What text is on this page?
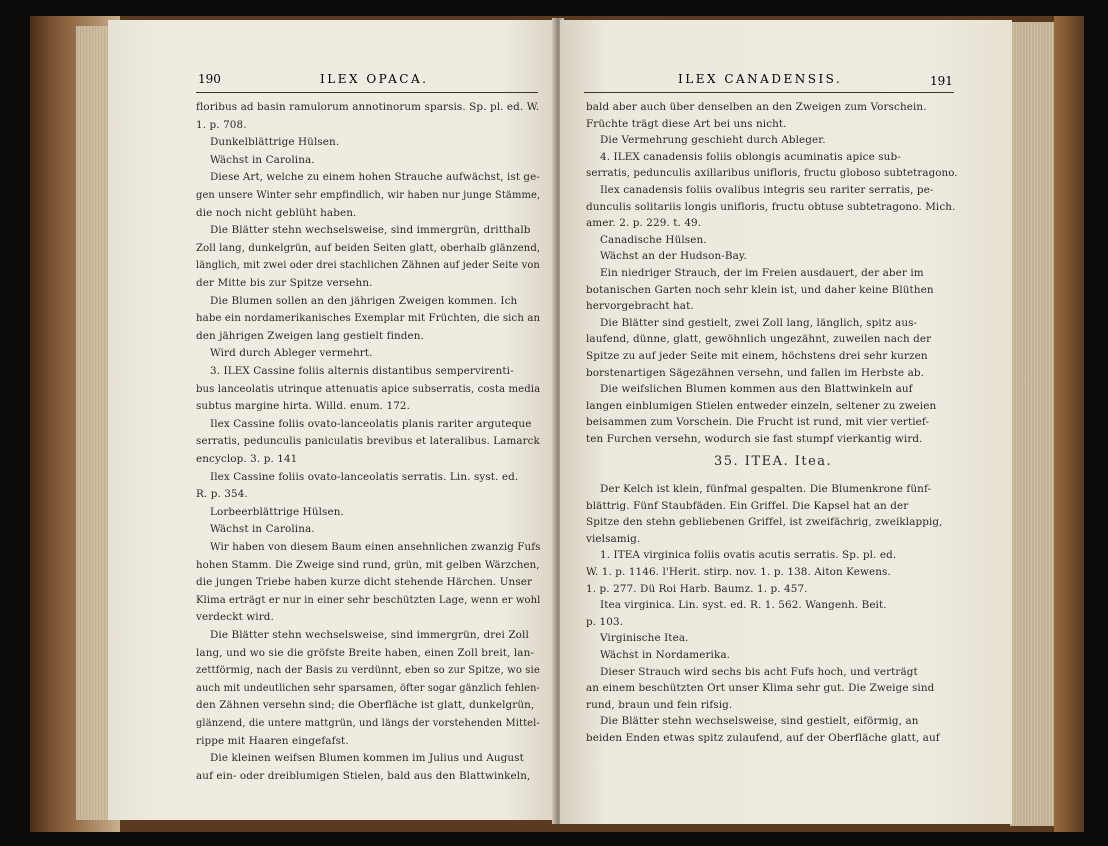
190	ILEX OPACA.
floribus ad basin ramulorum annotinorum sparsis. Sp. pl. ed. W.
1. p. 708.
Dunkelblättrige Hülsen.
Wächst in Carolina.
Diese Art, welche zu einem hohen Strauche aufwächst, ist ge-
gen unsere Winter sehr empfindlich, wir haben nur junge Stämme,
die noch nicht geblüht haben.
Die Blätter stehn wechselsweise, sind immergrün, dritthalb
Zoll lang, dunkelgrün, auf beiden Seiten glatt, oberhalb glänzend,
länglich, mit zwei oder drei stachlichen Zähnen auf jeder Seite von
der Mitte bis zur Spitze versehn.
Die Blumen sollen an den jährigen Zweigen kommen. Ich
habe ein nordamerikanisches Exemplar mit Früchten, die sich an
den jährigen Zweigen lang gestielt finden.
Wird durch Ableger vermehrt.
3. ILEX Cassine foliis alternis distantibus sempervirenti-
bus lanceolatis utrinque attenuatis apice subserratis, costa media
subtus margine hirta. Willd. enum. 172.
Ilex Cassine foliis ovato-lanceolatis planis rariter arguteque
serratis, pedunculis paniculatis brevibus et lateralibus. Lamarck
encyclop. 3. p. 141
Ilex Cassine foliis ovato-lanceolatis serratis. Lin. syst. ed.
R. p. 354.
Lorbeerblättrige Hülsen.
Wächst in Carolina.
Wir haben von diesem Baum einen ansehnlichen zwanzig Fufs
hohen Stamm. Die Zweige sind rund, grün, mit gelben Wärzchen,
die jungen Triebe haben kurze dicht stehende Härchen. Unser
Klima erträgt er nur in einer sehr beschützten Lage, wenn er wohl
verdeckt wird.
Die Blätter stehn wechselsweise, sind immergrün, drei Zoll
lang, und wo sie die gröfste Breite haben, einen Zoll breit, lan-
zettförmig, nach der Basis zu verdünnt, eben so zur Spitze, wo sie
auch mit undeutlichen sehr sparsamen, öfter sogar gänzlich fehlen-
den Zähnen versehn sind; die Oberfläche ist glatt, dunkelgrün,
glänzend, die untere mattgrün, und längs der vorstehenden Mittel-
rippe mit Haaren eingefafst.
Die kleinen weifsen Blumen kommen im Julius und August
auf ein- oder dreiblumigen Stielen, bald aus den Blattwinkeln,
ILEX CANADENSIS.	191
bald aber auch über denselben an den Zweigen zum Vorschein.
Früchte trägt diese Art bei uns nicht.
Die Vermehrung geschieht durch Ableger.
4. ILEX canadensis foliis oblongis acuminatis apice sub-
serratis, pedunculis axillaribus unifloris, fructu globoso subtetragono.
Ilex canadensis foliis ovalibus integris seu rariter serratis, pe-
dunculis solitariis longis unifloris, fructu obtuse subtetragono. Mich.
amer. 2. p. 229. t. 49.
Canadische Hülsen.
Wächst an der Hudson-Bay.
Ein niedriger Strauch, der im Freien ausdauert, der aber im
botanischen Garten noch sehr klein ist, und daher keine Blüthen
hervorgebracht hat.
Die Blätter sind gestielt, zwei Zoll lang, länglich, spitz aus-
laufend, dünne, glatt, gewöhnlich ungezähnt, zuweilen nach der
Spitze zu auf jeder Seite mit einem, höchstens drei sehr kurzen
borstenartigen Sägezähnen versehn, und fallen im Herbste ab.
Die weifslichen Blumen kommen aus den Blattwinkeln auf
langen einblumigen Stielen entweder einzeln, seltener zu zweien
beisammen zum Vorschein. Die Frucht ist rund, mit vier vertief-
ten Furchen versehn, wodurch sie fast stumpf vierkantig wird.
Der Kelch ist klein, fünfmal gespalten. Die Blumenkrone fünf-
blättrig. Fünf Staubfäden. Ein Griffel. Die Kapsel hat an der
Spitze den stehn gebliebenen Griffel, ist zweifächrig, zweiklappig,
vielsamig.
1. ITEA virginica foliis ovatis acutis serratis. Sp. pl. ed.
W. 1. p. 1146. l'Herit. stirp. nov. 1. p. 138. Aiton Kewens.
1. p. 277. Dü Roi Harb. Baumz. 1. p. 457.
Itea virginica. Lin. syst. ed. R. 1. 562. Wangenh. Beit.
p. 103.
Virginische Itea.
Wächst in Nordamerika.
Dieser Strauch wird sechs bis acht Fufs hoch, und verträgt
an einem beschützten Ort unser Klima sehr gut. Die Zweige sind
rund, braun und fein rifsig.
Die Blätter stehn wechselsweise, sind gestielt, eiförmig, an
beiden Enden etwas spitz zulaufend, auf der Oberfläche glatt, auf
35. ITEA. Itea.
